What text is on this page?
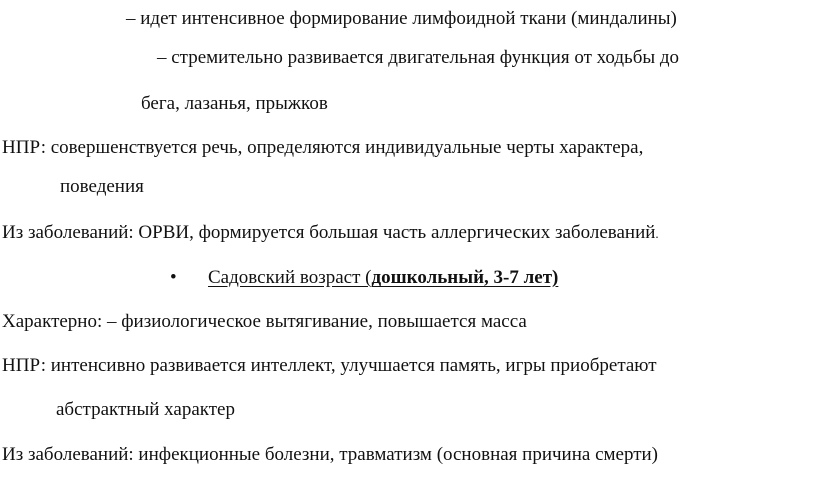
– идет интенсивное формирование лимфоидной ткани (миндалины)
– стремительно развивается двигательная функция от ходьбы до
бега, лазанья, прыжков
НПР: совершенствуется речь, определяются индивидуальные черты характера,
поведения
Из заболеваний: ОРВИ, формируется большая часть аллергических заболеваний.
• Садовский возраст (дошкольный, 3-7 лет)
Характерно: – физиологическое вытягивание, повышается масса
НПР: интенсивно развивается интеллект, улучшается память, игры приобретают
абстрактный характер
Из заболеваний: инфекционные болезни, травматизм (основная причина смерти)
